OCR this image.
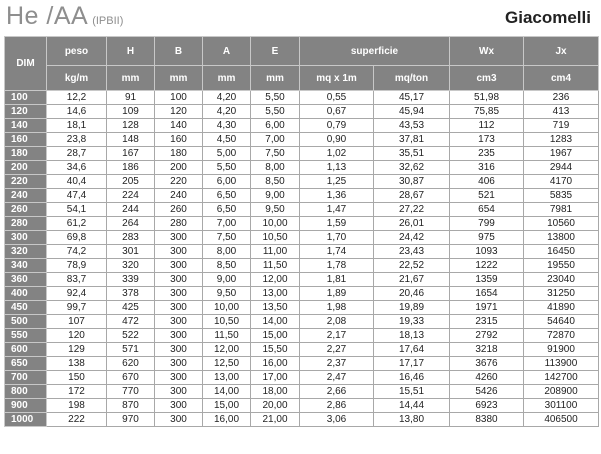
He /AA (IPBII)	Giacomelli
DIM	peso	H	B	A	E	superficie		Wx	Jx
	kg/m	mm	mm	mm	mm	mq x 1m	mq/ton	cm3	cm4
100	12,2	91	100	4,20	5,50	0,55	45,17	51,98	236
120	14,6	109	120	4,20	5,50	0,67	45,94	75,85	413
140	18,1	128	140	4,30	6,00	0,79	43,53	112	719
160	23,8	148	160	4,50	7,00	0,90	37,81	173	1283
180	28,7	167	180	5,00	7,50	1,02	35,51	235	1967
200	34,6	186	200	5,50	8,00	1,13	32,62	316	2944
220	40,4	205	220	6,00	8,50	1,25	30,87	406	4170
240	47,4	224	240	6,50	9,00	1,36	28,67	521	5835
260	54,1	244	260	6,50	9,50	1,47	27,22	654	7981
280	61,2	264	280	7,00	10,00	1,59	26,01	799	10560
300	69,8	283	300	7,50	10,50	1,70	24,42	975	13800
320	74,2	301	300	8,00	11,00	1,74	23,43	1093	16450
340	78,9	320	300	8,50	11,50	1,78	22,52	1222	19550
360	83,7	339	300	9,00	12,00	1,81	21,67	1359	23040
400	92,4	378	300	9,50	13,00	1,89	20,46	1654	31250
450	99,7	425	300	10,00	13,50	1,98	19,89	1971	41890
500	107	472	300	10,50	14,00	2,08	19,33	2315	54640
550	120	522	300	11,50	15,00	2,17	18,13	2792	72870
600	129	571	300	12,00	15,50	2,27	17,64	3218	91900
650	138	620	300	12,50	16,00	2,37	17,17	3676	113900
700	150	670	300	13,00	17,00	2,47	16,46	4260	142700
800	172	770	300	14,00	18,00	2,66	15,51	5426	208900
900	198	870	300	15,00	20,00	2,86	14,44	6923	301100
1000	222	970	300	16,00	21,00	3,06	13,80	8380	406500
